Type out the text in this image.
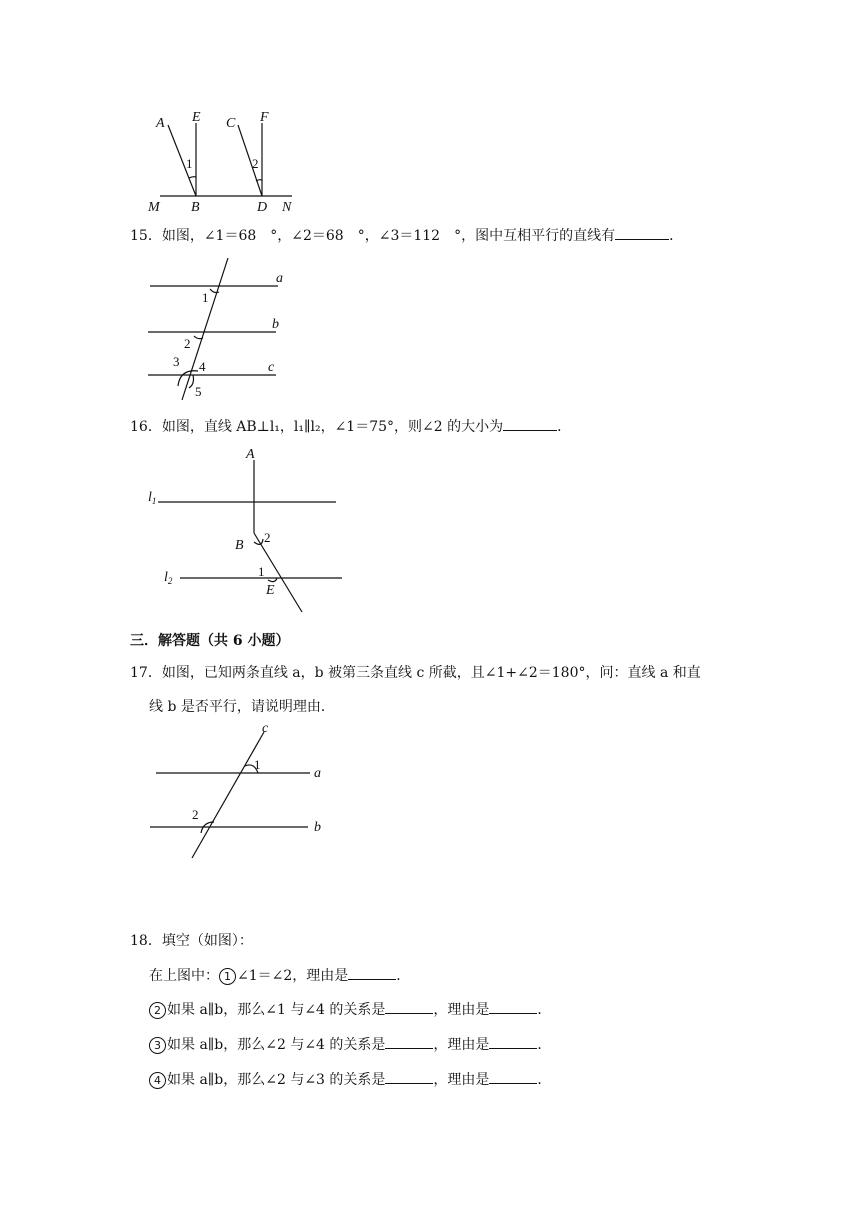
A E C F
M B	D N
1	2
15．如图，∠1＝68　°，∠2＝68　°，∠3＝112　°，图中互相平行的直线有	．
a
b
c
1
2
3 4
5
16．如图，直线 AB⊥l₁，l₁∥l₂，∠1＝75°，则∠2 的大小为	．
A
$l_1$
B
2
$l_2$
1
E
三．解答题（共 6 小题）
17．如图，已知两条直线 a，b 被第三条直线 c 所截，且∠1+∠2＝180°，问：直线 a 和直
线 b 是否平行，请说明理由．
c
a
b
1
2
18．填空（如图）：
在上图中： 1 ∠1＝∠2，理由是	．
2 如果 a∥b，那么∠1 与∠4 的关系是	，理由是	．
3 如果 a∥b，那么∠2 与∠4 的关系是	，理由是	．
4 如果 a∥b，那么∠2 与∠3 的关系是	，理由是	．
